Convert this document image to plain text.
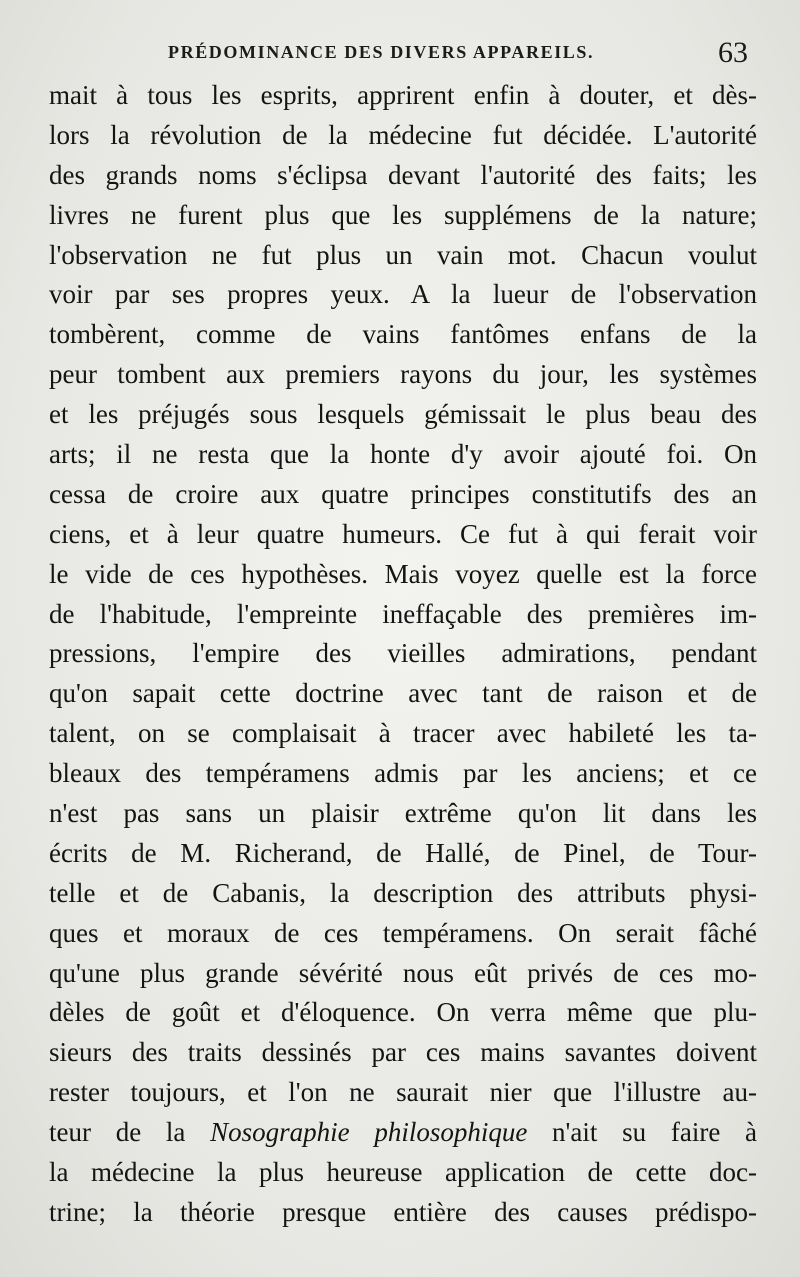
PRÉDOMINANCE DES DIVERS APPAREILS.	63
mait à tous les esprits, apprirent enfin à douter, et dès-
lors la révolution de la médecine fut décidée. L'autorité
des grands noms s'éclipsa devant l'autorité des faits; les
livres ne furent plus que les supplémens de la nature;
l'observation ne fut plus un vain mot. Chacun voulut
voir par ses propres yeux. A la lueur de l'observation
tombèrent, comme de vains fantômes enfans de la
peur tombent aux premiers rayons du jour, les systèmes
et les préjugés sous lesquels gémissait le plus beau des
arts; il ne resta que la honte d'y avoir ajouté foi. On
cessa de croire aux quatre principes constitutifs des an
ciens, et à leur quatre humeurs. Ce fut à qui ferait voir
le vide de ces hypothèses. Mais voyez quelle est la force
de l'habitude, l'empreinte ineffaçable des premières im-
pressions, l'empire des vieilles admirations, pendant
qu'on sapait cette doctrine avec tant de raison et de
talent, on se complaisait à tracer avec habileté les ta-
bleaux des tempéramens admis par les anciens; et ce
n'est pas sans un plaisir extrême qu'on lit dans les
écrits de M. Richerand, de Hallé, de Pinel, de Tour-
telle et de Cabanis, la description des attributs physi-
ques et moraux de ces tempéramens. On serait fâché
qu'une plus grande sévérité nous eût privés de ces mo-
dèles de goût et d'éloquence. On verra même que plu-
sieurs des traits dessinés par ces mains savantes doivent
rester toujours, et l'on ne saurait nier que l'illustre au-
teur de la Nosographie philosophique n'ait su faire à
la médecine la plus heureuse application de cette doc-
trine; la théorie presque entière des causes prédispo-
